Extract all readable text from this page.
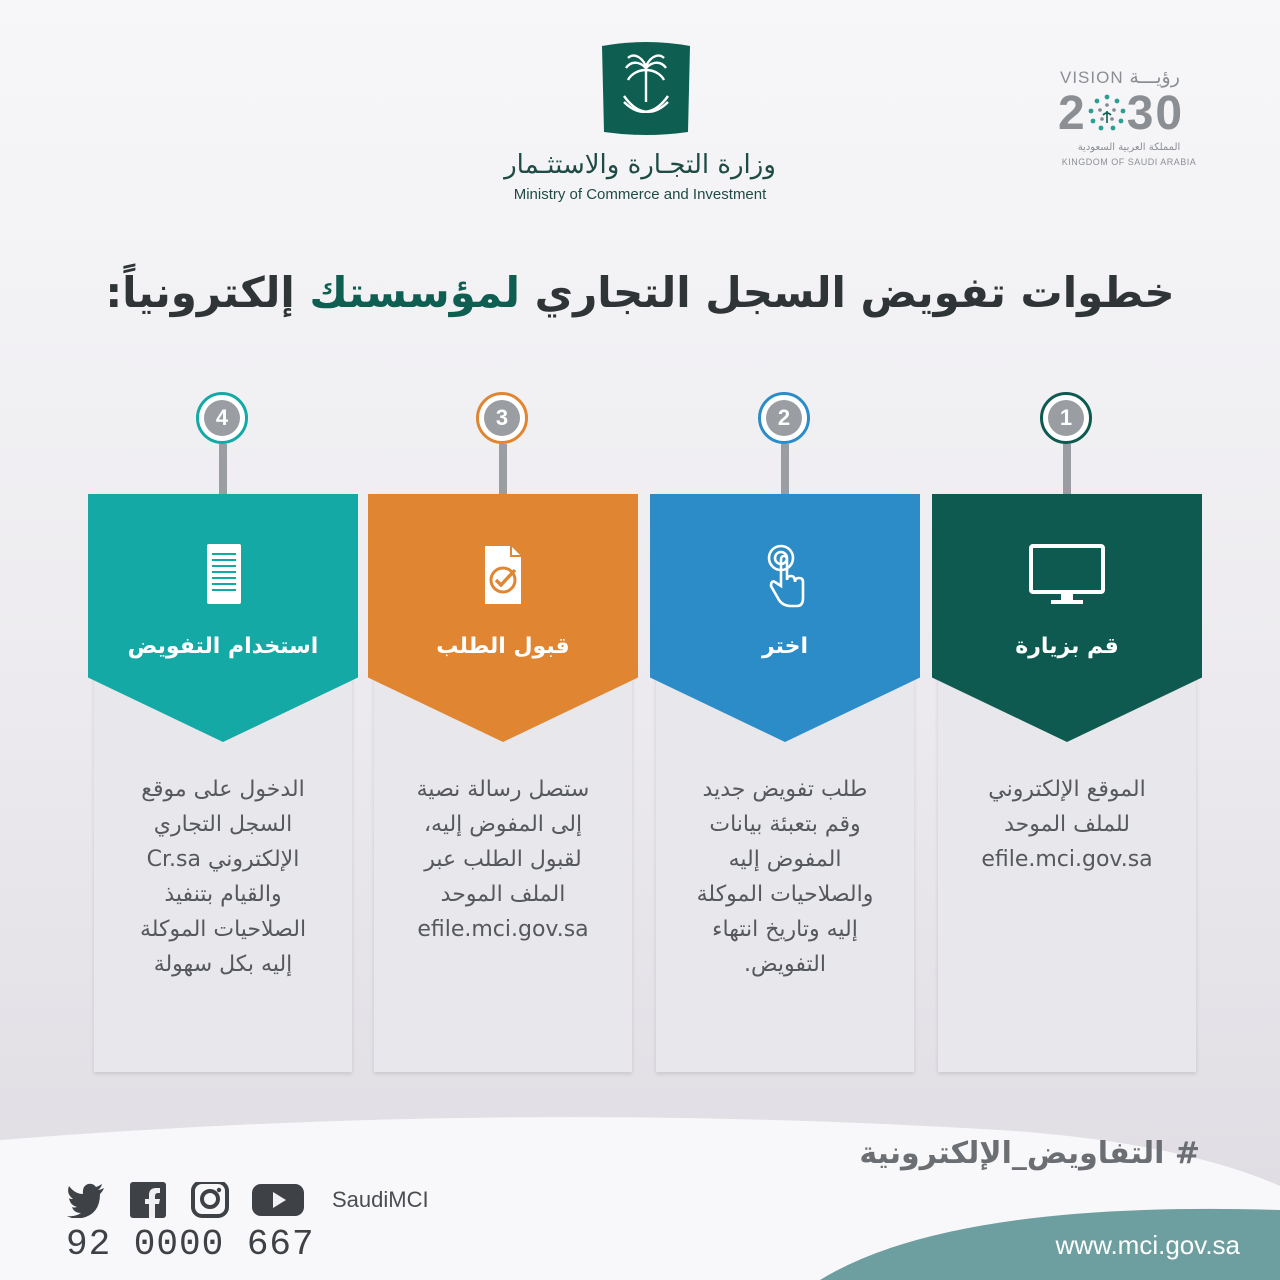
وزارة التجـارة والاستثـمار
Ministry of Commerce and Investment
VISION رؤيـــة
2 30
المملكة العربية السعودية
KINGDOM OF SAUDI ARABIA
خطوات تفويض السجل التجاري لمؤسستك إلكترونياً:
4
استخدام التفويض
الدخول على موقع
السجل التجاري
الإلكتروني Cr.sa
والقيام بتنفيذ
الصلاحيات الموكلة
إليه بكل سهولة
3
قبول الطلب
ستصل رسالة نصية
إلى المفوض إليه،
لقبول الطلب عبر
الملف الموحد
efile.mci.gov.sa
2
اختر
طلب تفويض جديد
وقم بتعبئة بيانات
المفوض إليه
والصلاحيات الموكلة
إليه وتاريخ انتهاء
التفويض.
1
قم بزيارة
الموقع الإلكتروني
للملف الموحد
efile.mci.gov.sa
# التفاويض_الإلكترونية
SaudiMCI
92 0000 667	www.mci.gov.sa
